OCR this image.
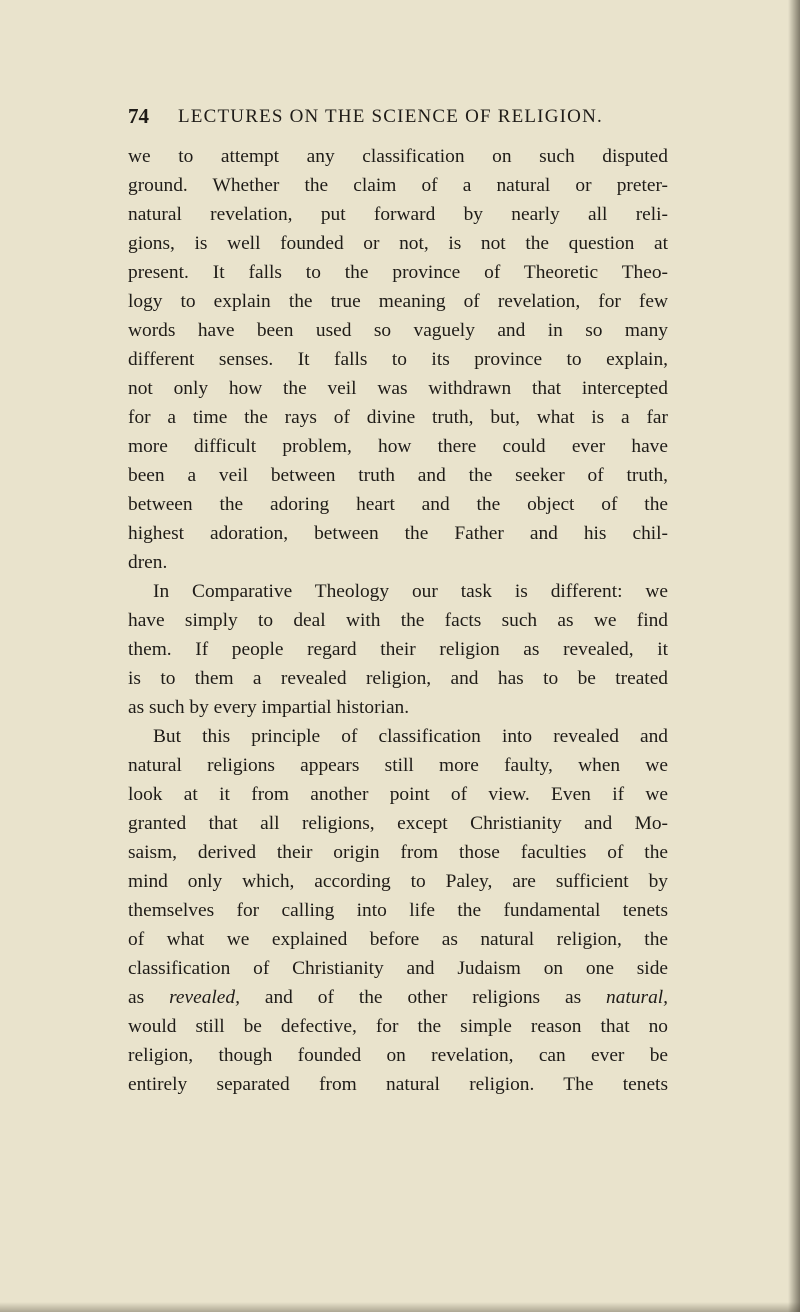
74 LECTURES ON THE SCIENCE OF RELIGION.
we to attempt any classification on such disputed
ground. Whether the claim of a natural or preter-
natural revelation, put forward by nearly all reli-
gions, is well founded or not, is not the question at
present. It falls to the province of Theoretic Theo-
logy to explain the true meaning of revelation, for few
words have been used so vaguely and in so many
different senses. It falls to its province to explain,
not only how the veil was withdrawn that intercepted
for a time the rays of divine truth, but, what is a far
more difficult problem, how there could ever have
been a veil between truth and the seeker of truth,
between the adoring heart and the object of the
highest adoration, between the Father and his chil-
dren.
In Comparative Theology our task is different: we
have simply to deal with the facts such as we find
them. If people regard their religion as revealed, it
is to them a revealed religion, and has to be treated
as such by every impartial historian.
But this principle of classification into revealed and
natural religions appears still more faulty, when we
look at it from another point of view. Even if we
granted that all religions, except Christianity and Mo-
saism, derived their origin from those faculties of the
mind only which, according to Paley, are sufficient by
themselves for calling into life the fundamental tenets
of what we explained before as natural religion, the
classification of Christianity and Judaism on one side
as revealed, and of the other religions as natural,
would still be defective, for the simple reason that no
religion, though founded on revelation, can ever be
entirely separated from natural religion. The tenets
